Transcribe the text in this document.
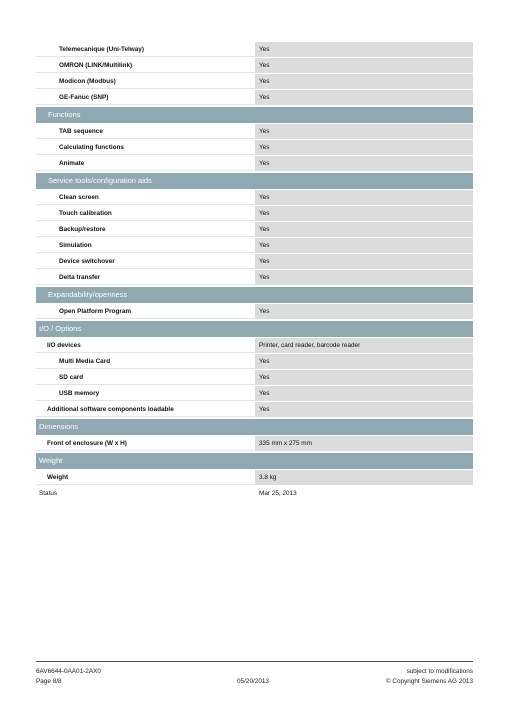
Telemecanique (Uni-Telway)	Yes
OMRON (LINK/Multilink)	Yes
Modicon (Modbus)	Yes
GE-Fanuc (SNP)	Yes
Functions
TAB sequence	Yes
Calculating functions	Yes
Animate	Yes
Service tools/configuration aids
Clean screen	Yes
Touch calibration	Yes
Backup/restore	Yes
Simulation	Yes
Device switchover	Yes
Delta transfer	Yes
Expandability/openness
Open Platform Program	Yes
I/O / Options
I/O devices	Printer, card reader, barcode reader
Multi Media Card	Yes
SD card	Yes
USB memory	Yes
Additional software components loadable	Yes
Dimensions
Front of enclosure (W x H)	335 mm x 275 mm
Weight
Weight	3.8 kg
Status	Mar 25, 2013
6AV6644-0AA01-2AX0
Page 8/8	05/20/2013
subject to modifications
© Copyright Siemens AG 2013
